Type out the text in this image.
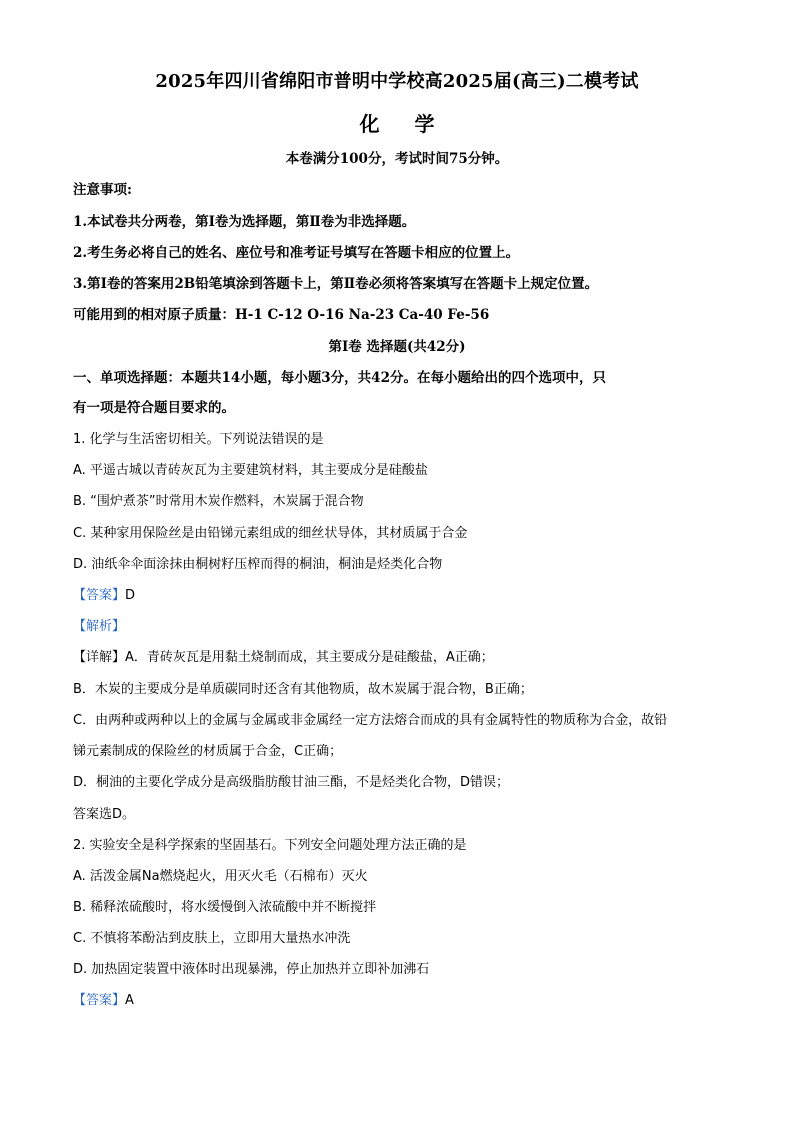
2025年四川省绵阳市普明中学校高2025届(高三)二模考试
化 学
本卷满分100分，考试时间75分钟。
注意事项:
1.本试卷共分两卷，第Ⅰ卷为选择题，第Ⅱ卷为非选择题。
2.考生务必将自己的姓名、座位号和准考证号填写在答题卡相应的位置上。
3.第Ⅰ卷的答案用2B铅笔填涂到答题卡上，第Ⅱ卷必须将答案填写在答题卡上规定位置。
可能用到的相对原子质量：H-1 C-12 O-16 Na-23 Ca-40 Fe-56
第Ⅰ卷 选择题(共42分)
一、单项选择题：本题共14小题，每小题3分，共42分。在每小题给出的四个选项中，只
有一项是符合题目要求的。
1. 化学与生活密切相关。下列说法错误的是
A. 平遥古城以青砖灰瓦为主要建筑材料，其主要成分是硅酸盐
B. “围炉煮茶”时常用木炭作燃料，木炭属于混合物
C. 某种家用保险丝是由铅锑元素组成的细丝状导体，其材质属于合金
D. 油纸伞伞面涂抹由桐树籽压榨而得的桐油，桐油是烃类化合物
【答案】D
【解析】
【详解】A．青砖灰瓦是用黏土烧制而成，其主要成分是硅酸盐，A正确；
B．木炭的主要成分是单质碳同时还含有其他物质，故木炭属于混合物，B正确；
C．由两种或两种以上的金属与金属或非金属经一定方法熔合而成的具有金属特性的物质称为合金，故铅
锑元素制成的保险丝的材质属于合金，C正确；
D．桐油的主要化学成分是高级脂肪酸甘油三酯，不是烃类化合物，D错误；
答案选D。
2. 实验安全是科学探索的坚固基石。下列安全问题处理方法正确的是
A. 活泼金属Na燃烧起火，用灭火毛（石棉布）灭火
B. 稀释浓硫酸时，将水缓慢倒入浓硫酸中并不断搅拌
C. 不慎将苯酚沾到皮肤上，立即用大量热水冲洗
D. 加热固定装置中液体时出现暴沸，停止加热并立即补加沸石
【答案】A
